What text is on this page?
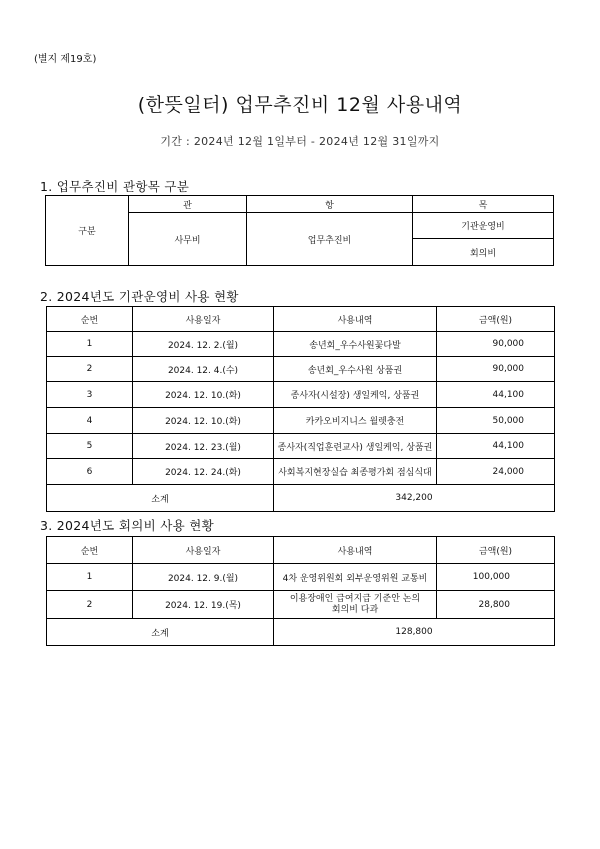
(별지 제19호)
(한뜻일터) 업무추진비 12월 사용내역
기간 : 2024년 12월 1일부터 - 2024년 12월 31일까지
1. 업무추진비 관항목 구분
구분	관	항	목
	사무비	업무추진비	기관운영비
			회의비
2. 2024년도 기관운영비 사용 현황
순번	사용일자	사용내역	금액(원)
1	2024. 12. 2.(월)	송년회_우수사원꽃다발	90,000
2	2024. 12. 4.(수)	송년회_우수사원 상품권	90,000
3	2024. 12. 10.(화)	종사자(시설장) 생일케익, 상품권	44,100
4	2024. 12. 10.(화)	카카오비지니스 월렛충전	50,000
5	2024. 12. 23.(월)	종사자(직업훈련교사) 생일케익, 상품권	44,100
6	2024. 12. 24.(화)	사회복지현장실습 최종평가회 점심식대	24,000
소계		342,200	
3. 2024년도 회의비 사용 현황
순번	사용일자	사용내역	금액(원)
1	2024. 12. 9.(월)	4차 운영위원회 외부운영위원 교통비	100,000
2	2024. 12. 19.(목)	이용장애인 급여지급 기준안 논의
회의비 다과	28,800
소계		128,800	
